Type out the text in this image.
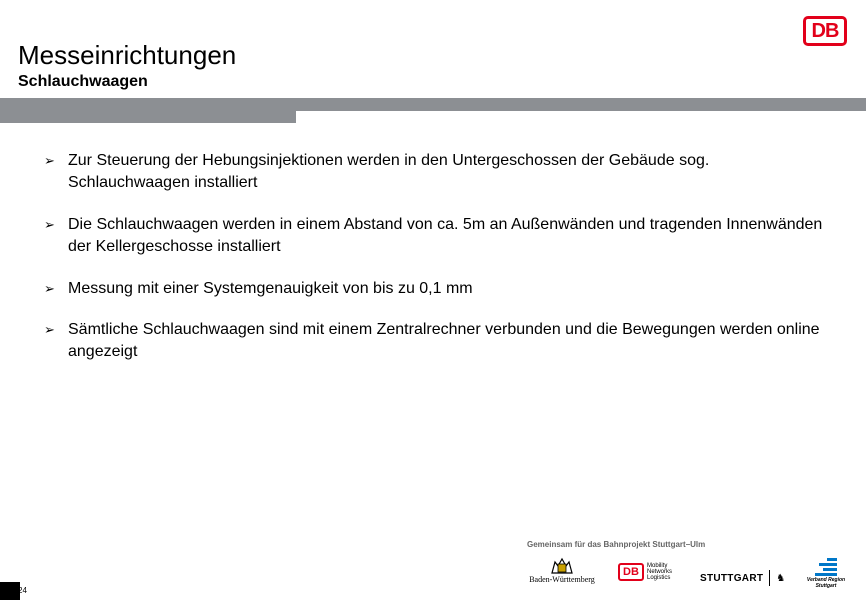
Messeinrichtungen
Schlauchwaagen
DB
➢ Zur Steuerung der Hebungsinjektionen werden in den Untergeschossen der Gebäude sog. Schlauchwaagen installiert
➢ Die Schlauchwaagen werden in einem Abstand von ca. 5m an Außenwänden und tragenden Innenwänden der Kellergeschosse installiert
➢ Messung mit einer Systemgenauigkeit von bis zu 0,1 mm
➢ Sämtliche Schlauchwaagen sind mit einem Zentralrechner verbunden und die Bewegungen werden online angezeigt
Gemeinsam für das Bahnprojekt Stuttgart–Ulm
Baden-Württemberg
DB Mobility
Networks
Logistics	STUTTGART ♞	Verband Region
Stuttgart
24
